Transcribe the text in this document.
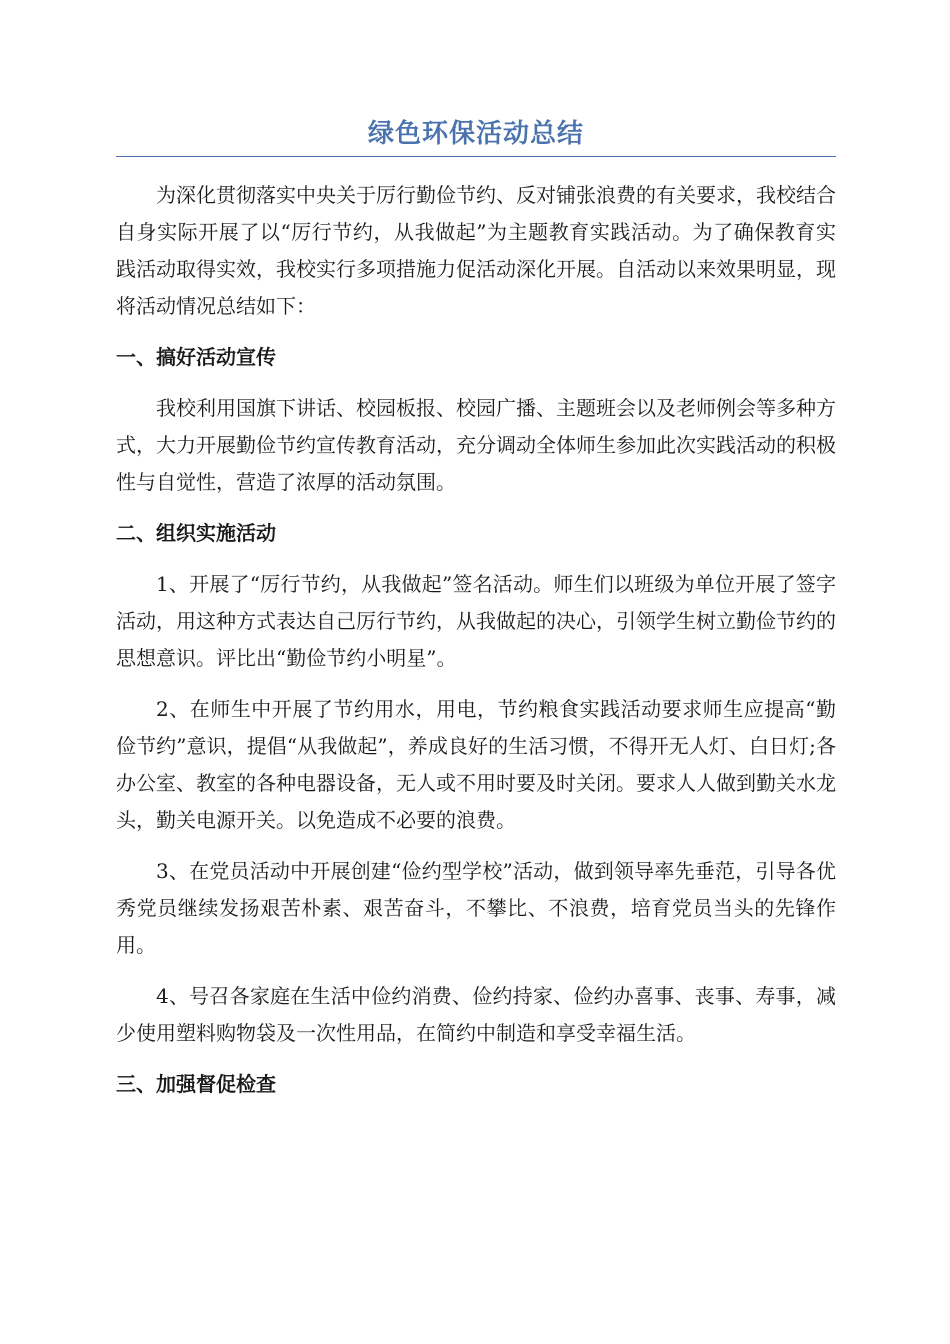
绿色环保活动总结

为深化贯彻落实中央关于厉行勤俭节约、反对铺张浪费的有关要求，我校结合自身实际开展了以“厉行节约，从我做起”为主题教育实践活动。为了确保教育实践活动取得实效，我校实行多项措施力促活动深化开展。自活动以来效果明显，现将活动情况总结如下：

一、搞好活动宣传

我校利用国旗下讲话、校园板报、校园广播、主题班会以及老师例会等多种方式，大力开展勤俭节约宣传教育活动，充分调动全体师生参加此次实践活动的积极性与自觉性，营造了浓厚的活动氛围。

二、组织实施活动

1、开展了“厉行节约，从我做起”签名活动。师生们以班级为单位开展了签字活动，用这种方式表达自己厉行节约，从我做起的决心，引领学生树立勤俭节约的思想意识。评比出“勤俭节约小明星”。

2、在师生中开展了节约用水，用电，节约粮食实践活动要求师生应提高“勤俭节约”意识，提倡“从我做起”，养成良好的生活习惯，不得开无人灯、白日灯;各办公室、教室的各种电器设备，无人或不用时要及时关闭。要求人人做到勤关水龙头，勤关电源开关。以免造成不必要的浪费。

3、在党员活动中开展创建“俭约型学校”活动，做到领导率先垂范，引导各优秀党员继续发扬艰苦朴素、艰苦奋斗，不攀比、不浪费，培育党员当头的先锋作用。

4、号召各家庭在生活中俭约消费、俭约持家、俭约办喜事、丧事、寿事，减少使用塑料购物袋及一次性用品，在简约中制造和享受幸福生活。

三、加强督促检查
